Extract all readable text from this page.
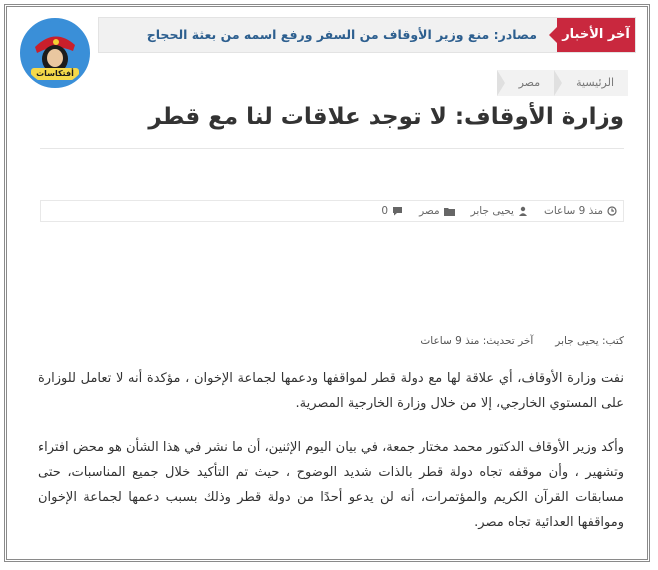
أفتكاسات
آخر الأخبار
مصادر: منع وزير الأوقاف من السفر ورفع اسمه من بعثة الحجاج
الرئيسية
مصر
وزارة الأوقاف: لا توجد علاقات لنا مع قطر
منذ 9 ساعات
يحيى جابر
مصر
0
كتب: يحيى جابر
آخر تحديث: منذ 9 ساعات

نفت وزارة الأوقاف، أي علاقة لها مع دولة قطر لمواقفها ودعمها لجماعة الإخوان ، مؤكدة أنه لا تعامل للوزارة على المستوي الخارجي، إلا من خلال وزارة الخارجية المصرية.

وأكد وزير الأوقاف الدكتور محمد مختار جمعة، في بيان اليوم الإثنين، أن ما نشر في هذا الشأن هو محض افتراء وتشهير ، وأن موقفه تجاه دولة قطر بالذات شديد الوضوح ، حيث تم التأكيد خلال جميع المناسبات، حتى مسابقات القرآن الكريم والمؤتمرات، أنه لن يدعو أحدًا من دولة قطر وذلك بسبب دعمها لجماعة الإخوان ومواقفها العدائية تجاه مصر.
